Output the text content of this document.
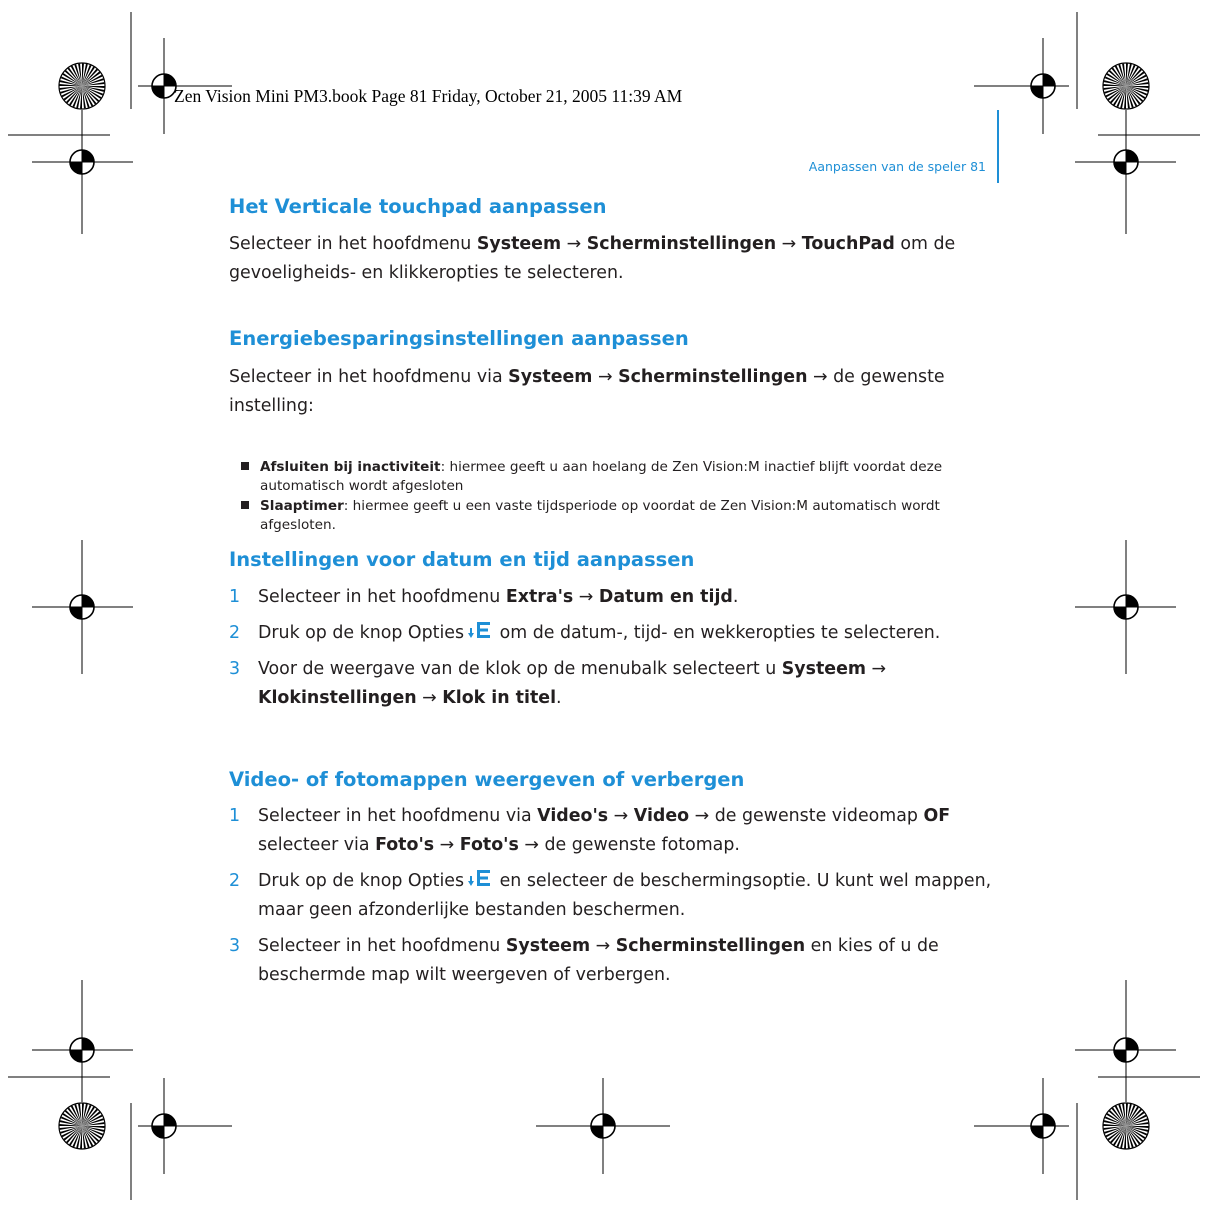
Zen Vision Mini PM3.book Page 81 Friday, October 21, 2005 11:39 AM
Aanpassen van de speler 81
Het Verticale touchpad aanpassen

Selecteer in het hoofdmenu Systeem → Scherminstellingen → TouchPad om de gevoeligheids- en klikkeropties te selecteren.

Energiebesparingsinstellingen aanpassen

Selecteer in het hoofdmenu via Systeem → Scherminstellingen → de gewenste instelling:

Afsluiten bij inactiviteit: hiermee geeft u aan hoelang de Zen Vision:M inactief blijft voordat deze automatisch wordt afgesloten
Slaaptimer: hiermee geeft u een vaste tijdsperiode op voordat de Zen Vision:M automatisch wordt afgesloten.
Instellingen voor datum en tijd aanpassen
1 Selecteer in het hoofdmenu Extra's → Datum en tijd.
2 Druk op de knop Opties om de datum-, tijd- en wekkeropties te selecteren.
3 Voor de weergave van de klok op de menubalk selecteert u Systeem → Klokinstellingen → Klok in titel.
Video- of fotomappen weergeven of verbergen
1 Selecteer in het hoofdmenu via Video's → Video → de gewenste videomap OF selecteer via Foto's → Foto's → de gewenste fotomap.
2 Druk op de knop Opties en selecteer de beschermingsoptie. U kunt wel mappen, maar geen afzonderlijke bestanden beschermen.
3 Selecteer in het hoofdmenu Systeem → Scherminstellingen en kies of u de beschermde map wilt weergeven of verbergen.
